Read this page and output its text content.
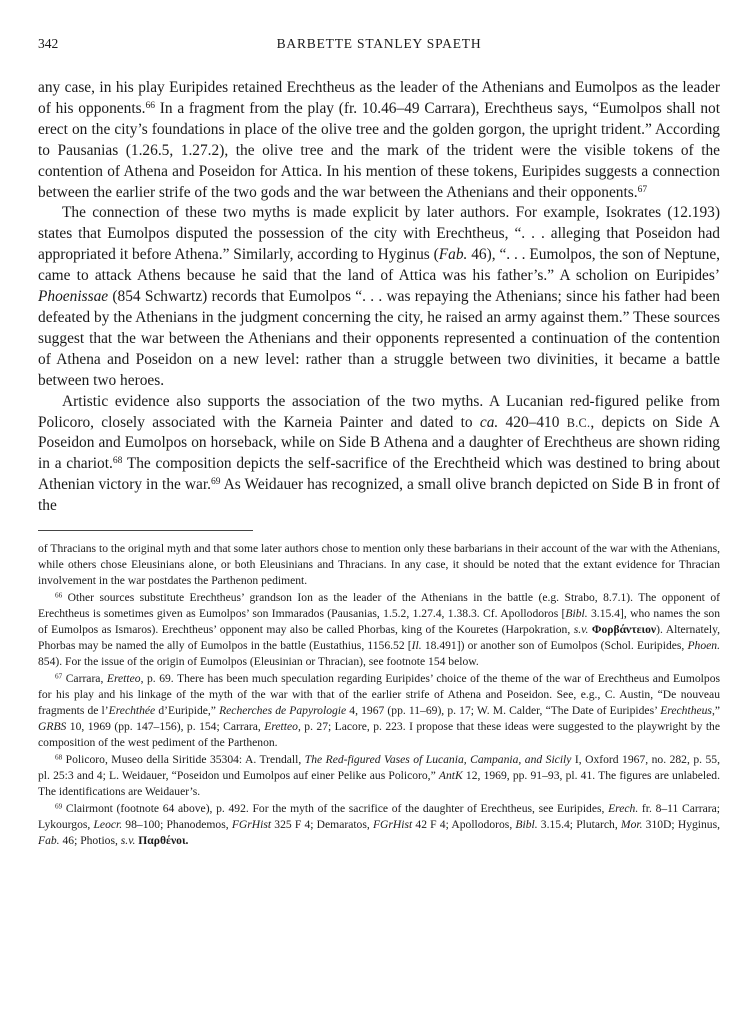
342	BARBETTE STANLEY SPAETH

any case, in his play Euripides retained Erechtheus as the leader of the Athenians and Eumolpos as the leader of his opponents.$^{66}$ In a fragment from the play (fr. 10.46–49 Carrara), Erechtheus says, “Eumolpos shall not erect on the city’s foundations in place of the olive tree and the golden gorgon, the upright trident.” According to Pausanias (1.26.5, 1.27.2), the olive tree and the mark of the trident were the visible tokens of the contention of Athena and Poseidon for Attica. In his mention of these tokens, Euripides suggests a connection between the earlier strife of the two gods and the war between the Athenians and their opponents.$^{67}$

The connection of these two myths is made explicit by later authors. For example, Isokrates (12.193) states that Eumolpos disputed the possession of the city with Erechtheus, “. . . alleging that Poseidon had appropriated it before Athena.” Similarly, according to Hyginus (Fab. 46), “. . . Eumolpos, the son of Neptune, came to attack Athens because he said that the land of Attica was his father’s.” A scholion on Euripides’ Phoenissae (854 Schwartz) records that Eumolpos “. . . was repaying the Athenians; since his father had been defeated by the Athenians in the judgment concerning the city, he raised an army against them.” These sources suggest that the war between the Athenians and their opponents represented a continuation of the contention of Athena and Poseidon on a new level: rather than a struggle between two divinities, it became a battle between two heroes.

Artistic evidence also supports the association of the two myths. A Lucanian red-figured pelike from Policoro, closely associated with the Karneia Painter and dated to ca. 420–410 B.C., depicts on Side A Poseidon and Eumolpos on horseback, while on Side B Athena and a daughter of Erechtheus are shown riding in a chariot.$^{68}$ The composition depicts the self-sacrifice of the Erechtheid which was destined to bring about Athenian victory in the war.$^{69}$ As Weidauer has recognized, a small olive branch depicted on Side B in front of the

of Thracians to the original myth and that some later authors chose to mention only these barbarians in their account of the war with the Athenians, while others chose Eleusinians alone, or both Eleusinians and Thracians. In any case, it should be noted that the extant evidence for Thracian involvement in the war postdates the Parthenon pediment.

$^{66}$ Other sources substitute Erechtheus’ grandson Ion as the leader of the Athenians in the battle (e.g. Strabo, 8.7.1). The opponent of Erechtheus is sometimes given as Eumolpos’ son Immarados (Pausanias, 1.5.2, 1.27.4, 1.38.3. Cf. Apollodoros [Bibl. 3.15.4], who names the son of Eumolpos as Ismaros). Erechtheus’ opponent may also be called Phorbas, king of the Kouretes (Harpokration, s.v. Φορβάντειον). Alternately, Phorbas may be named the ally of Eumolpos in the battle (Eustathius, 1156.52 [Il. 18.491]) or another son of Eumolpos (Schol. Euripides, Phoen. 854). For the issue of the origin of Eumolpos (Eleusinian or Thracian), see footnote 154 below.

$^{67}$ Carrara, Eretteo, p. 69. There has been much speculation regarding Euripides’ choice of the theme of the war of Erechtheus and Eumolpos for his play and his linkage of the myth of the war with that of the earlier strife of Athena and Poseidon. See, e.g., C. Austin, “De nouveau fragments de l’Erechthée d’Euripide,” Recherches de Papyrologie 4, 1967 (pp. 11–69), p. 17; W. M. Calder, “The Date of Euripides’ Erechtheus,” GRBS 10, 1969 (pp. 147–156), p. 154; Carrara, Eretteo, p. 27; Lacore, p. 223. I propose that these ideas were suggested to the playwright by the composition of the west pediment of the Parthenon.

$^{68}$ Policoro, Museo della Siritide 35304: A. Trendall, The Red-figured Vases of Lucania, Campania, and Sicily I, Oxford 1967, no. 282, p. 55, pl. 25:3 and 4; L. Weidauer, “Poseidon und Eumolpos auf einer Pelike aus Policoro,” AntK 12, 1969, pp. 91–93, pl. 41. The figures are unlabeled. The identifications are Weidauer’s.

$^{69}$ Clairmont (footnote 64 above), p. 492. For the myth of the sacrifice of the daughter of Erechtheus, see Euripides, Erech. fr. 8–11 Carrara; Lykourgos, Leocr. 98–100; Phanodemos, FGrHist 325 F 4; Demaratos, FGrHist 42 F 4; Apollodoros, Bibl. 3.15.4; Plutarch, Mor. 310D; Hyginus, Fab. 46; Photios, s.v. Παρθένοι.
